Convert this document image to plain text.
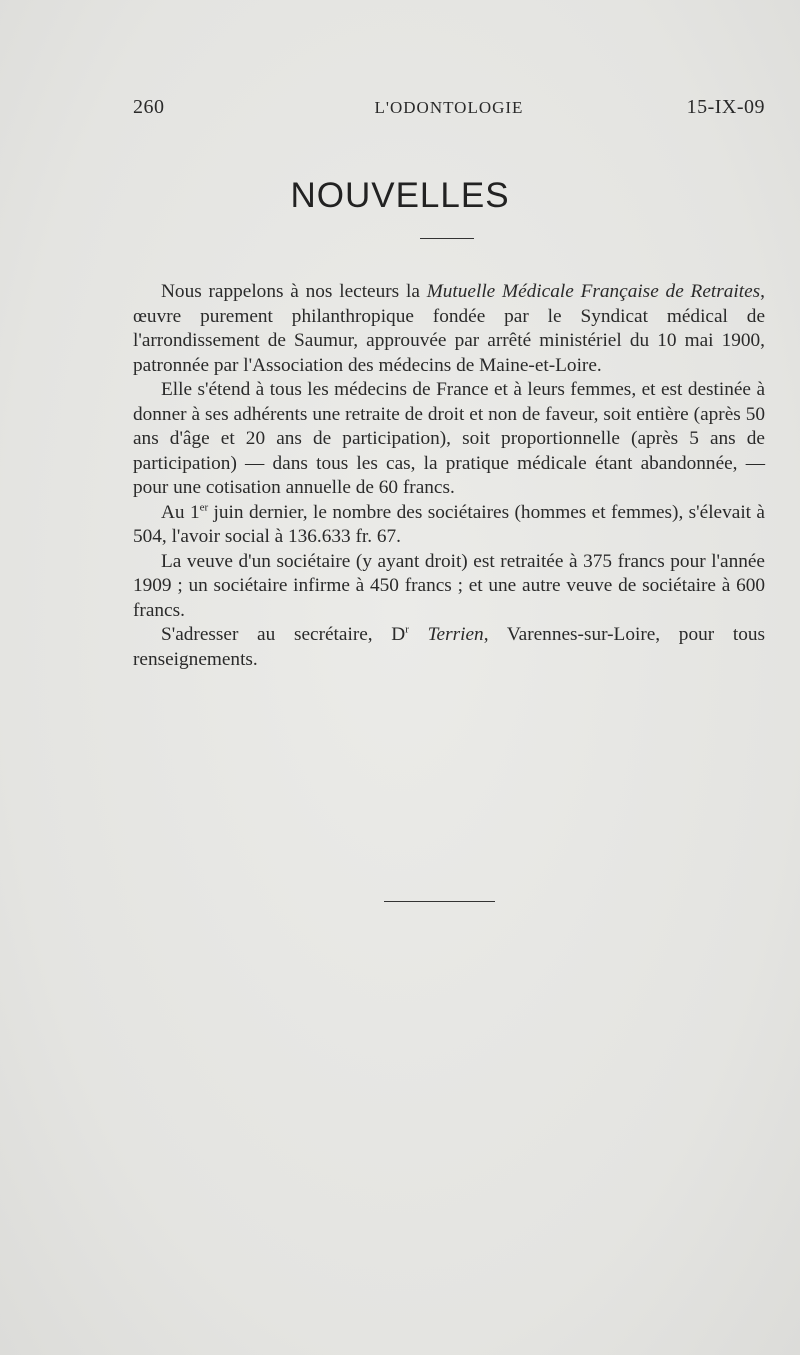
260	L'ODONTOLOGIE	15-IX-09
NOUVELLES

Nous rappelons à nos lecteurs la Mutuelle Médicale Française de Retraites, œuvre purement philanthropique fondée par le Syndicat médical de l'arrondissement de Saumur, approuvée par arrêté ministériel du 10 mai 1900, patronnée par l'Association des médecins de Maine-et-Loire.

Elle s'étend à tous les médecins de France et à leurs femmes, et est destinée à donner à ses adhérents une retraite de droit et non de faveur, soit entière (après 50 ans d'âge et 20 ans de participation), soit proportionnelle (après 5 ans de participation) — dans tous les cas, la pratique médicale étant abandonnée, — pour une cotisation annuelle de 60 francs.

Au 1er juin dernier, le nombre des sociétaires (hommes et femmes), s'élevait à 504, l'avoir social à 136.633 fr. 67.

La veuve d'un sociétaire (y ayant droit) est retraitée à 375 francs pour l'année 1909 ; un sociétaire infirme à 450 francs ; et une autre veuve de sociétaire à 600 francs.

S'adresser au secrétaire, $D^r$ Terrien, Varennes-sur-Loire, pour tous renseignements.
